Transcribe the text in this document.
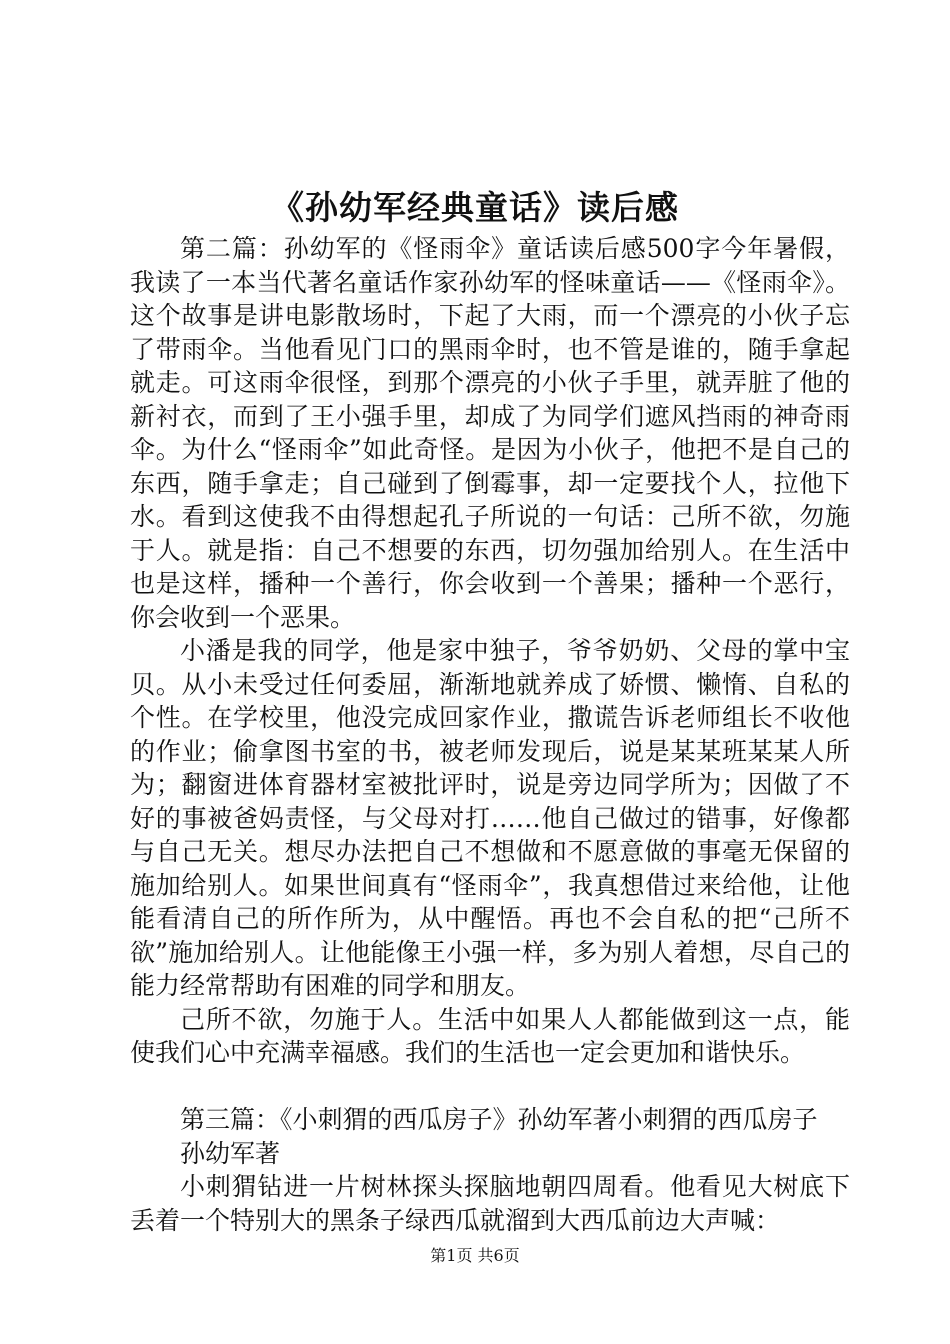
《孙幼军经典童话》读后感

第二篇：孙幼军的《怪雨伞》童话读后感500字今年暑假，我读了一本当代著名童话作家孙幼军的怪味童话——《怪雨伞》。这个故事是讲电影散场时，下起了大雨，而一个漂亮的小伙子忘了带雨伞。当他看见门口的黑雨伞时，也不管是谁的，随手拿起就走。可这雨伞很怪，到那个漂亮的小伙子手里，就弄脏了他的新衬衣，而到了王小强手里，却成了为同学们遮风挡雨的神奇雨伞。为什么“怪雨伞”如此奇怪。是因为小伙子，他把不是自己的东西，随手拿走；自己碰到了倒霉事，却一定要找个人，拉他下水。看到这使我不由得想起孔子所说的一句话：己所不欲，勿施于人。就是指：自己不想要的东西，切勿强加给别人。在生活中也是这样，播种一个善行，你会收到一个善果；播种一个恶行，你会收到一个恶果。

小潘是我的同学，他是家中独子，爷爷奶奶、父母的掌中宝贝。从小未受过任何委屈，渐渐地就养成了娇惯、懒惰、自私的个性。在学校里，他没完成回家作业，撒谎告诉老师组长不收他的作业；偷拿图书室的书，被老师发现后，说是某某班某某人所为；翻窗进体育器材室被批评时，说是旁边同学所为；因做了不好的事被爸妈责怪，与父母对打……他自己做过的错事，好像都与自己无关。想尽办法把自己不想做和不愿意做的事毫无保留的施加给别人。如果世间真有“怪雨伞”，我真想借过来给他，让他能看清自己的所作所为，从中醒悟。再也不会自私的把“己所不欲”施加给别人。让他能像王小强一样，多为别人着想，尽自己的能力经常帮助有困难的同学和朋友。

己所不欲，勿施于人。生活中如果人人都能做到这一点，能使我们心中充满幸福感。我们的生活也一定会更加和谐快乐。

第三篇：《小刺猬的西瓜房子》孙幼军著小刺猬的西瓜房子

孙幼军著

小刺猬钻进一片树林探头探脑地朝四周看。他看见大树底下丢着一个特别大的黑条子绿西瓜就溜到大西瓜前边大声喊：

第1页 共6页
